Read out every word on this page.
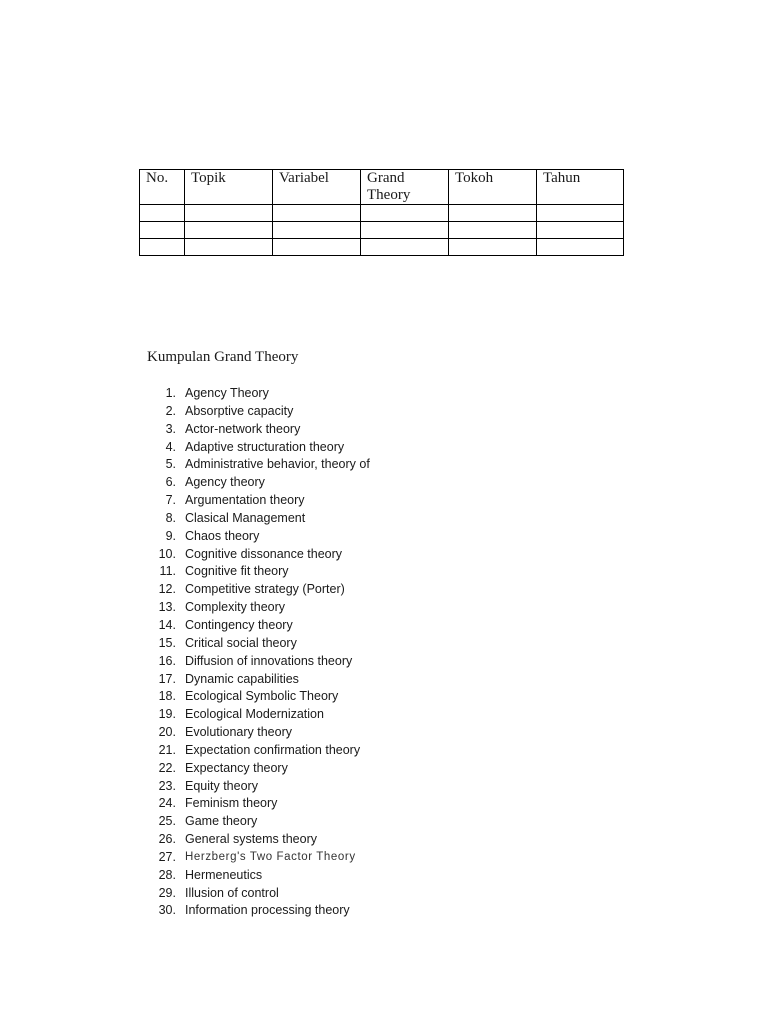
No.	Topik	Variabel	Grand Theory	Tokoh	Tahun

Kumpulan Grand Theory
1. Agency Theory
2. Absorptive capacity
3. Actor-network theory
4. Adaptive structuration theory
5. Administrative behavior, theory of
6. Agency theory
7. Argumentation theory
8. Clasical Management
9. Chaos theory
10. Cognitive dissonance theory
11. Cognitive fit theory
12. Competitive strategy (Porter)
13. Complexity theory
14. Contingency theory
15. Critical social theory
16. Diffusion of innovations theory
17. Dynamic capabilities
18. Ecological Symbolic Theory
19. Ecological Modernization
20. Evolutionary theory
21. Expectation confirmation theory
22. Expectancy theory
23. Equity theory
24. Feminism theory
25. Game theory
26. General systems theory
27. Herzberg's Two Factor Theory
28. Hermeneutics
29. Illusion of control
30. Information processing theory
